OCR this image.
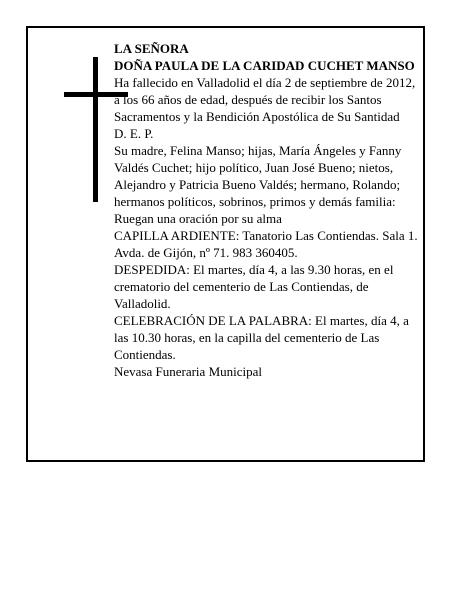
LA SEÑORA

DOÑA PAULA DE LA CARIDAD CUCHET MANSO

Ha fallecido en Valladolid el día 2 de septiembre de 2012, a los 66 años de edad, después de recibir los Santos Sacramentos y la Bendición Apostólica de Su Santidad

D. E. P.

Su madre, Felina Manso; hijas, María Ángeles y Fanny Valdés Cuchet; hijo político, Juan José Bueno; nietos, Alejandro y Patricia Bueno Valdés; hermano, Rolando; hermanos políticos, sobrinos, primos y demás familia:

Ruegan una oración por su alma

CAPILLA ARDIENTE: Tanatorio Las Contiendas. Sala 1. Avda. de Gijón, nº 71. 983 360405.

DESPEDIDA: El martes, día 4, a las 9.30 horas, en el crematorio del cementerio de Las Contiendas, de Valladolid.

CELEBRACIÓN DE LA PALABRA: El martes, día 4, a las 10.30 horas, en la capilla del cementerio de Las Contiendas.

Nevasa Funeraria Municipal
